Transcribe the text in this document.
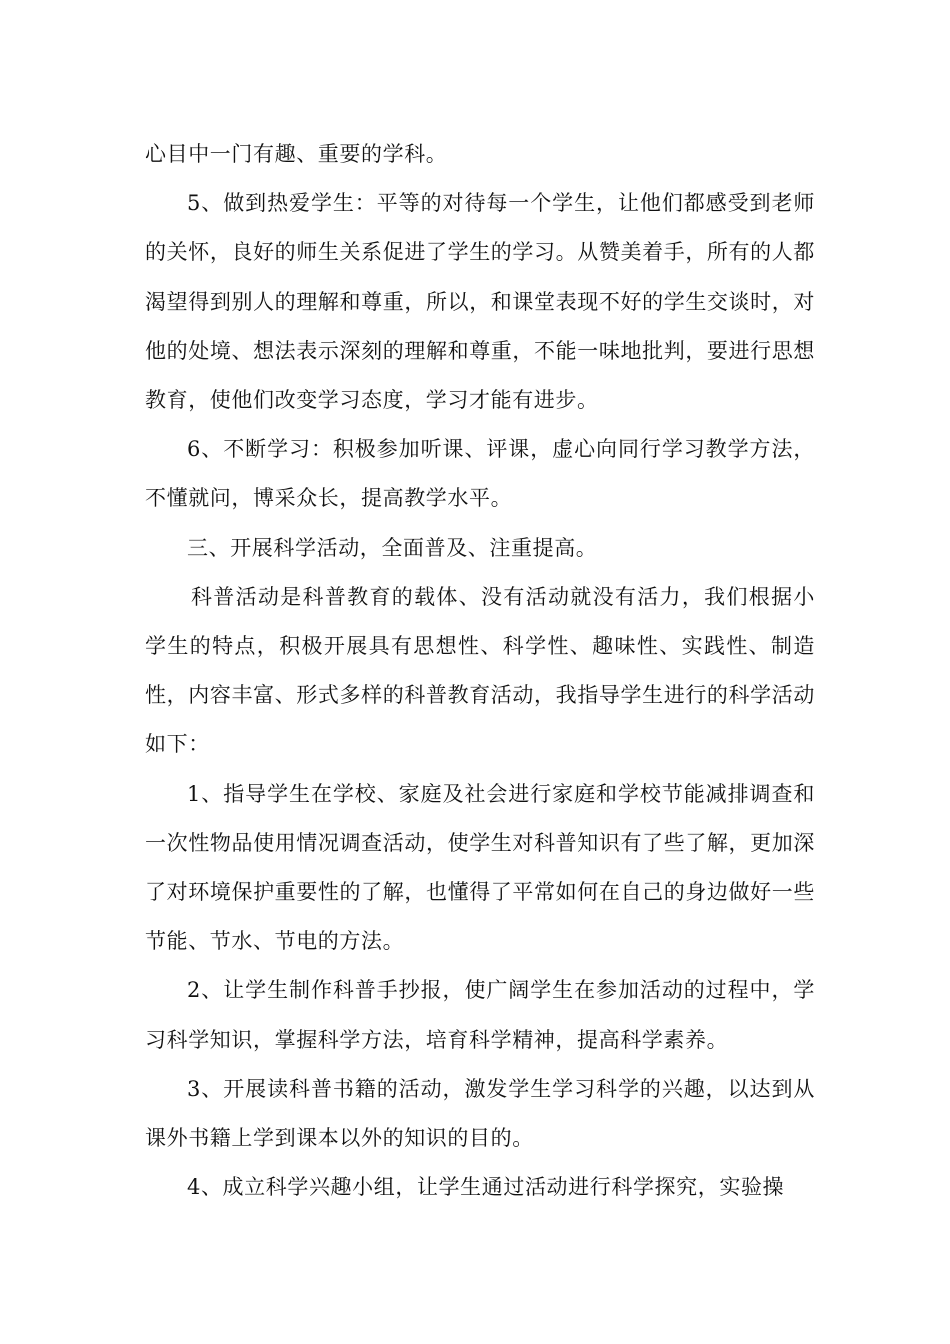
心目中一门有趣、重要的学科。

5、做到热爱学生：平等的对待每一个学生，让他们都感受到老师的关怀，良好的师生关系促进了学生的学习。从赞美着手，所有的人都渴望得到别人的理解和尊重，所以，和课堂表现不好的学生交谈时，对他的处境、想法表示深刻的理解和尊重，不能一味地批判，要进行思想教育，使他们改变学习态度，学习才能有进步。

6、不断学习：积极参加听课、评课，虚心向同行学习教学方法，不懂就问，博采众长，提高教学水平。

三、开展科学活动，全面普及、注重提高。

科普活动是科普教育的载体、没有活动就没有活力，我们根据小学生的特点，积极开展具有思想性、科学性、趣味性、实践性、制造性，内容丰富、形式多样的科普教育活动，我指导学生进行的科学活动如下：

1、指导学生在学校、家庭及社会进行家庭和学校节能减排调查和一次性物品使用情况调查活动，使学生对科普知识有了些了解，更加深了对环境保护重要性的了解，也懂得了平常如何在自己的身边做好一些节能、节水、节电的方法。

2、让学生制作科普手抄报，使广阔学生在参加活动的过程中，学习科学知识，掌握科学方法，培育科学精神，提高科学素养。

3、开展读科普书籍的活动，激发学生学习科学的兴趣，以达到从课外书籍上学到课本以外的知识的目的。

4、成立科学兴趣小组，让学生通过活动进行科学探究，实验操
